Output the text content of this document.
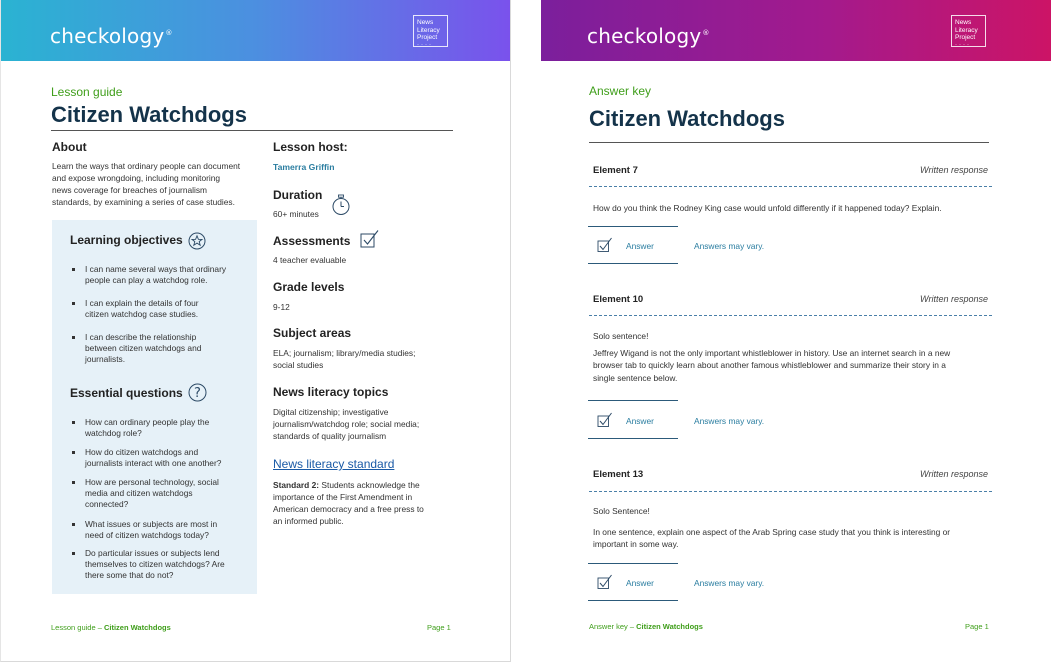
checkology®
News
Literacy
Project
····
Lesson guide
Citizen Watchdogs
About
Learn the ways that ordinary people can document
and expose wrongdoing, including monitoring
news coverage for breaches of journalism
standards, by examining a series of case studies.
Learning objectives
I can name several ways that ordinary
people can play a watchdog role.
I can explain the details of four
citizen watchdog case studies.
I can describe the relationship
between citizen watchdogs and
journalists.
Essential questions ?
How can ordinary people play the
watchdog role?
How do citizen watchdogs and
journalists interact with one another?
How are personal technology, social
media and citizen watchdogs
connected?
What issues or subjects are most in
need of citizen watchdogs today?
Do particular issues or subjects lend
themselves to citizen watchdogs? Are
there some that do not?
Lesson host:
Tamerra Griffin
Duration
60+ minutes
Assessments
4 teacher evaluable
Grade levels
9-12
Subject areas
ELA; journalism; library/media studies;
social studies
News literacy topics
Digital citizenship; investigative
journalism/watchdog role; social media;
standards of quality journalism
News literacy standard
Standard 2: Students acknowledge the
importance of the First Amendment in
American democracy and a free press to
an informed public.
Lesson guide – Citizen Watchdogs	Page 1
checkology®
News
Literacy
Project
····
Answer key
Citizen Watchdogs
Element 7	Written response
How do you think the Rodney King case would unfold differently if it happened today? Explain.
Answer	Answers may vary.
Element 10	Written response
Solo sentence!
Jeffrey Wigand is not the only important whistleblower in history. Use an internet search in a new
browser tab to quickly learn about another famous whistleblower and summarize their story in a
single sentence below.
Answer	Answers may vary.
Element 13	Written response
Solo Sentence!
In one sentence, explain one aspect of the Arab Spring case study that you think is interesting or
important in some way.
Answer	Answers may vary.
Answer key – Citizen Watchdogs	Page 1
